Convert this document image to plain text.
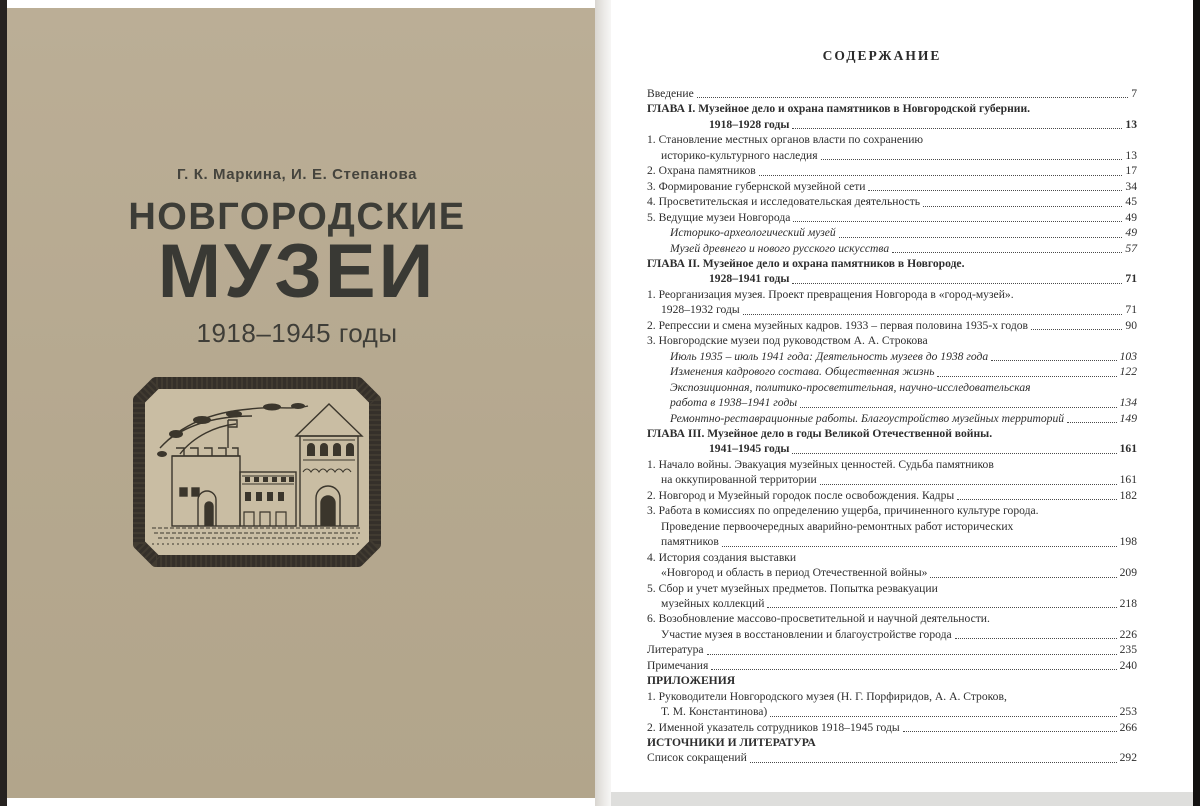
Г. К. Маркина, И. Е. Степанова
НОВГОРОДСКИЕ
МУЗЕИ
1918–1945 годы
СОДЕРЖАНИЕ
Введение	7
ГЛАВА I. Музейное дело и охрана памятников в Новгородской губернии.
1918–1928 годы	13
1. Становление местных органов власти по сохранению
историко-культурного наследия	13
2. Охрана памятников	17
3. Формирование губернской музейной сети	34
4. Просветительская и исследовательская деятельность	45
5. Ведущие музеи Новгорода	49
Историко-археологический музей	49
Музей древнего и нового русского искусства	57
ГЛАВА II. Музейное дело и охрана памятников в Новгороде.
1928–1941 годы	71
1. Реорганизация музея. Проект превращения Новгорода в «город-музей».
1928–1932 годы	71
2. Репрессии и смена музейных кадров. 1933 – первая половина 1935-х годов	90
3. Новгородские музеи под руководством А. А. Строкова
Июль 1935 – июль 1941 года: Деятельность музеев до 1938 года	103
Изменения кадрового состава. Общественная жизнь	122
Экспозиционная, политико-просветительная, научно-исследовательская
работа в 1938–1941 годы	134
Ремонтно-реставрационные работы. Благоустройство музейных территорий	149
ГЛАВА III. Музейное дело в годы Великой Отечественной войны.
1941–1945 годы	161
1. Начало войны. Эвакуация музейных ценностей. Судьба памятников
на оккупированной территории	161
2. Новгород и Музейный городок после освобождения. Кадры	182
3. Работа в комиссиях по определению ущерба, причиненного культуре города.
Проведение первоочередных аварийно-ремонтных работ исторических
памятников	198
4. История создания выставки
«Новгород и область в период Отечественной войны»	209
5. Сбор и учет музейных предметов. Попытка реэвакуации
музейных коллекций	218
6. Возобновление массово-просветительной и научной деятельности.
Участие музея в восстановлении и благоустройстве города	226
Литература	235
Примечания	240
ПРИЛОЖЕНИЯ
1. Руководители Новгородского музея (Н. Г. Порфиридов, А. А. Строков,
Т. М. Константинова)	253
2. Именной указатель сотрудников 1918–1945 годы	266
ИСТОЧНИКИ И ЛИТЕРАТУРА
Список сокращений	292
